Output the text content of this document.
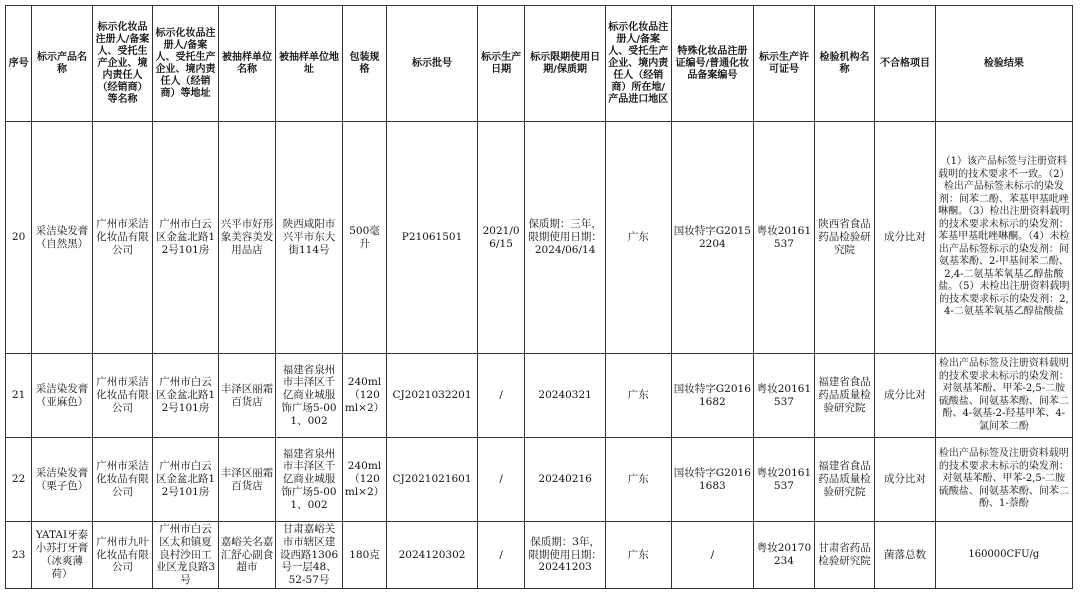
序号	标示产品名称	标示化妆品注册人/备案人、受托生产企业、境内责任人（经销商）等名称	标示化妆品注册人/备案人、受托生产企业、境内责任人（经销商）等地址	被抽样单位名称	被抽样单位地址	包装规格	标示批号	标示生产日期	标示限期使用日期/保质期	标示化妆品注册人/备案人、受托生产企业、境内责任人（经销商）所在地/产品进口地区	特殊化妆品注册证编号/普通化妆品备案编号	标示生产许可证号	检验机构名称	不合格项目	检验结果
20	采洁染发膏（自然黑）	广州市采洁化妆品有限公司	广州市白云区金盆北路12号101房	兴平市好形象美容美发用品店	陕西咸阳市兴平市东大街114号	500毫升	P21061501	2021/06/15	保质期：三年，限期使用日期：2024/06/14	广东	国妆特字G20152204	粤妆20161537	陕西省食品药品检验研究院	成分比对	（1）该产品标签与注册资料载明的技术要求不一致。（2）检出产品标签未标示的染发剂：间苯二酚、苯基甲基吡唑啉酮。（3）检出注册资料载明的技术要求未标示的染发剂：苯基甲基吡唑啉酮。（4）未检出产品标签标示的染发剂：间氨基苯酚、2-甲基间苯二酚、2,4-二氨基苯氧基乙醇盐酸盐。（5）未检出注册资料载明的技术要求标示的染发剂：2,4-二氨基苯氧基乙醇盐酸盐
21	采洁染发膏（亚麻色）	广州市采洁化妆品有限公司	广州市白云区金盆北路12号101房	丰泽区丽霜百货店	福建省泉州市丰泽区千亿商业城服饰广场5-001、002	240ml（120ml×2）	CJ2021032201	/	20240321	广东	国妆特字G20161682	粤妆20161537	福建省食品药品质量检验研究院	成分比对	检出产品标签及注册资料载明的技术要求未标示的染发剂：对氨基苯酚、甲苯-2,5-二胺硫酸盐、间氨基苯酚、间苯二酚、4-氨基-2-羟基甲苯、4-氯间苯二酚
22	采洁染发膏（栗子色）	广州市采洁化妆品有限公司	广州市白云区金盆北路12号101房	丰泽区丽霜百货店	福建省泉州市丰泽区千亿商业城服饰广场5-001、002	240ml（120ml×2）	CJ2021021601	/	20240216	广东	国妆特字G20161683	粤妆20161537	福建省食品药品质量检验研究院	成分比对	检出产品标签及注册资料载明的技术要求未标示的染发剂：对氨基苯酚、甲苯-2,5-二胺硫酸盐、间氨基苯酚、间苯二酚、1-萘酚
23	YATAI牙泰小苏打牙膏（冰爽薄荷）	广州市九叶化妆品有限公司	广州市白云区太和镇夏良村沙田工业区龙良路3号	嘉峪关名嘉汇舒心副食超市	甘肃嘉峪关市市辖区建设西路1306号一层48、52-57号	180克	2024120302	/	保质期：3年，限期使用日期：20241203	广东	/	粤妆20170234	甘肃省药品检验研究院	菌落总数	160000CFU/g
